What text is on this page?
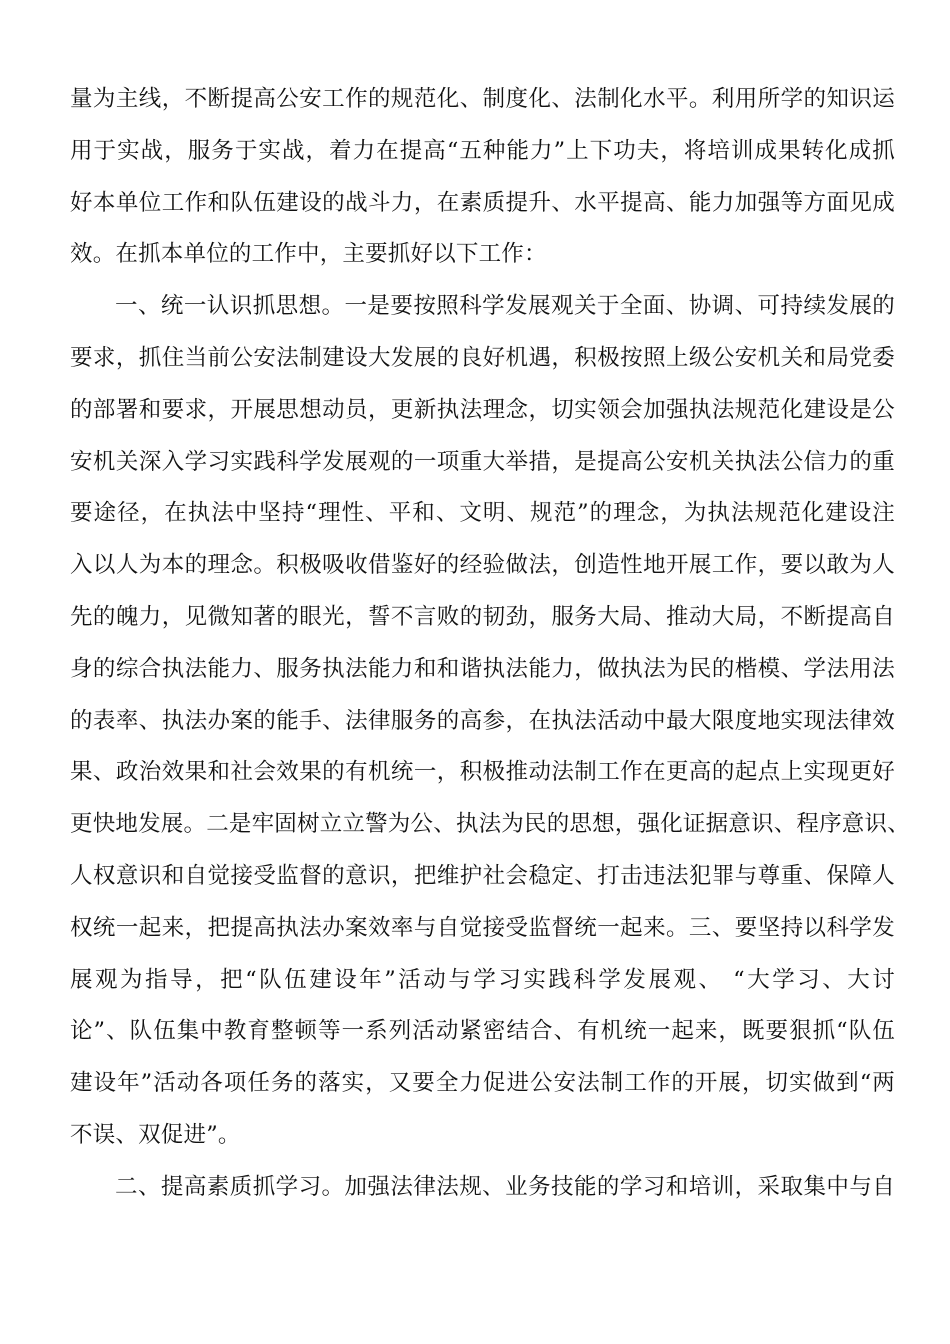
量为主线，不断提高公安工作的规范化、制度化、法制化水平。利用所学的知识运
用于实战，服务于实战，着力在提高“五种能力”上下功夫，将培训成果转化成抓
好本单位工作和队伍建设的战斗力，在素质提升、水平提高、能力加强等方面见成
效。在抓本单位的工作中，主要抓好以下工作：
一、统一认识抓思想。一是要按照科学发展观关于全面、协调、可持续发展的
要求，抓住当前公安法制建设大发展的良好机遇，积极按照上级公安机关和局党委
的部署和要求，开展思想动员，更新执法理念，切实领会加强执法规范化建设是公
安机关深入学习实践科学发展观的一项重大举措，是提高公安机关执法公信力的重
要途径，在执法中坚持“理性、平和、文明、规范”的理念，为执法规范化建设注
入以人为本的理念。积极吸收借鉴好的经验做法，创造性地开展工作，要以敢为人
先的魄力，见微知著的眼光，誓不言败的韧劲，服务大局、推动大局，不断提高自
身的综合执法能力、服务执法能力和和谐执法能力，做执法为民的楷模、学法用法
的表率、执法办案的能手、法律服务的高参，在执法活动中最大限度地实现法律效
果、政治效果和社会效果的有机统一，积极推动法制工作在更高的起点上实现更好
更快地发展。二是牢固树立立警为公、执法为民的思想，强化证据意识、程序意识、
人权意识和自觉接受监督的意识，把维护社会稳定、打击违法犯罪与尊重、保障人
权统一起来，把提高执法办案效率与自觉接受监督统一起来。三、要坚持以科学发
展观为指导，把“队伍建设年”活动与学习实践科学发展观、 “大学习、大讨
论”、队伍集中教育整顿等一系列活动紧密结合、有机统一起来，既要狠抓“队伍
建设年”活动各项任务的落实，又要全力促进公安法制工作的开展，切实做到“两
不误、双促进”。
二、提高素质抓学习。加强法律法规、业务技能的学习和培训，采取集中与自
